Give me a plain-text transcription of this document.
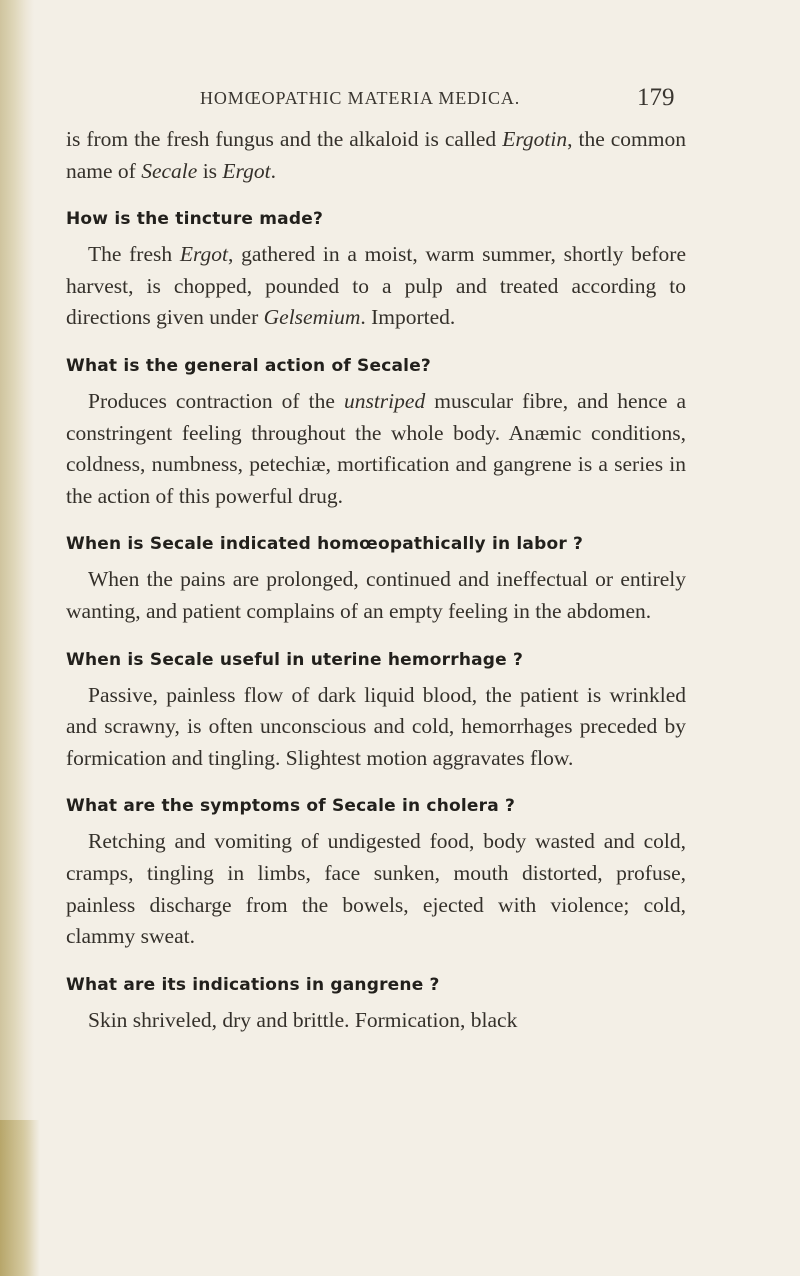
HOMŒOPATHIC MATERIA MEDICA.	179

is from the fresh fungus and the alkaloid is called Ergotin, the common name of Secale is Ergot.

How is the tincture made?

The fresh Ergot, gathered in a moist, warm summer, shortly before harvest, is chopped, pounded to a pulp and treated according to directions given under Gelsemium. Imported.

What is the general action of Secale?

Produces contraction of the unstriped muscular fibre, and hence a constringent feeling throughout the whole body. Anæmic conditions, coldness, numbness, petechiæ, mortification and gangrene is a series in the action of this powerful drug.

When is Secale indicated homœopathically in labor ?

When the pains are prolonged, continued and ineffectual or entirely wanting, and patient complains of an empty feeling in the abdomen.

When is Secale useful in uterine hemorrhage ?

Passive, painless flow of dark liquid blood, the patient is wrinkled and scrawny, is often unconscious and cold, hemorrhages preceded by formication and tingling. Slightest motion aggravates flow.

What are the symptoms of Secale in cholera ?

Retching and vomiting of undigested food, body wasted and cold, cramps, tingling in limbs, face sunken, mouth distorted, profuse, painless discharge from the bowels, ejected with violence; cold, clammy sweat.

What are its indications in gangrene ?

Skin shriveled, dry and brittle. Formication, black
